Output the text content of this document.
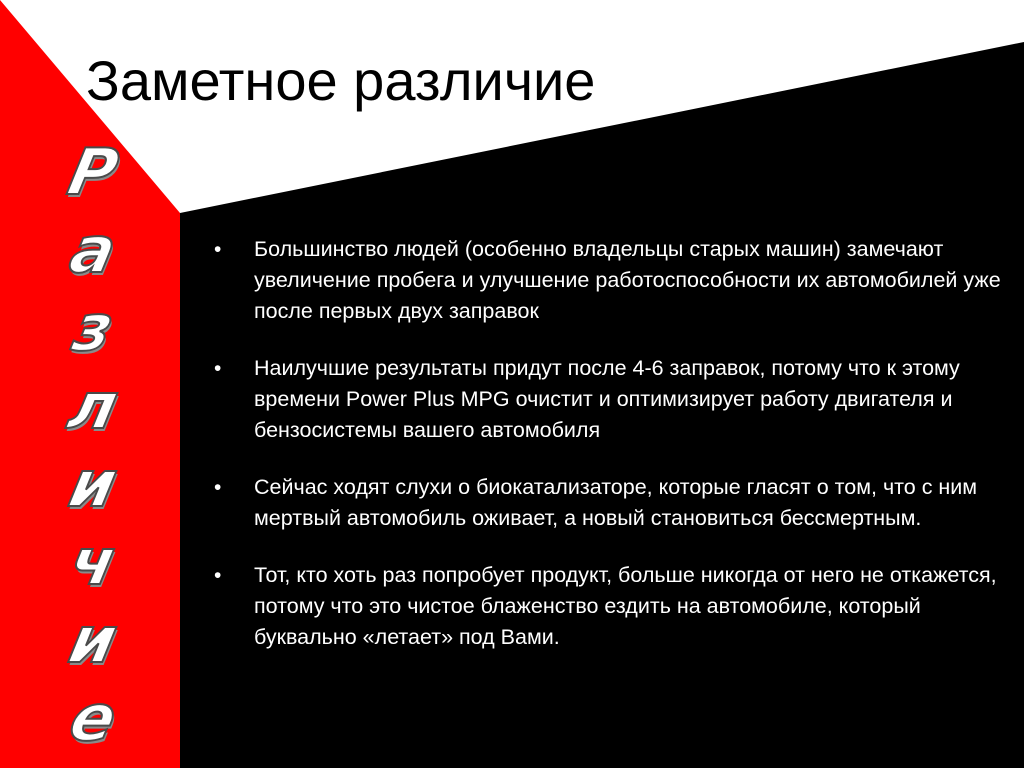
Заметное различие
Р
а
з
л
и
ч
и
е
• Большинство людей (особенно владельцы старых машин) замечают увеличение пробега и улучшение работоспособности их автомобилей уже после первых двух заправок
• Наилучшие результаты придут после 4-6 заправок, потому что к этому времени Power Plus MPG очистит и оптимизирует работу двигателя и бензосистемы вашего автомобиля
• Сейчас ходят слухи о биокатализаторе, которые гласят о том, что с ним мертвый автомобиль оживает, а новый становиться бессмертным.
• Тот, кто хоть раз попробует продукт, больше никогда от него не откажется, потому что это чистое блаженство ездить на автомобиле, который буквально «летает» под Вами.
